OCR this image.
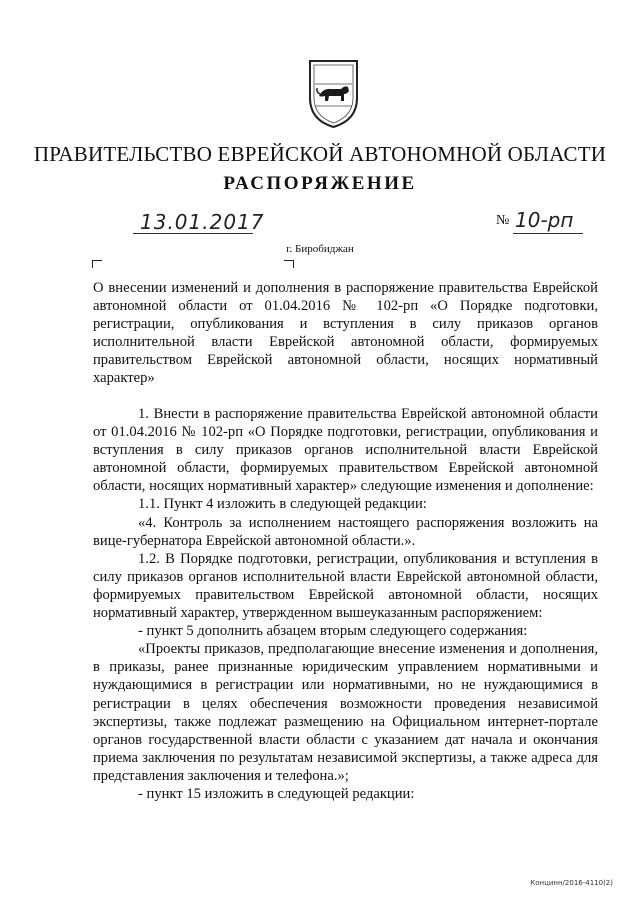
ПРАВИТЕЛЬСТВО ЕВРЕЙСКОЙ АВТОНОМНОЙ ОБЛАСТИ
РАСПОРЯЖЕНИЕ
13.01.2017	№ 10-рп
г. Биробиджан
О внесении изменений и дополнения в распоряжение правительства Еврейской автономной области от 01.04.2016 № 102-рп «О Порядке подготовки, регистрации, опубликования и вступления в силу приказов органов исполнительной власти Еврейской автономной области, формируемых правительством Еврейской автономной области, носящих нормативный характер»

1. Внести в распоряжение правительства Еврейской автономной области от 01.04.2016 № 102-рп «О Порядке подготовки, регистрации, опубликования и вступления в силу приказов органов исполнительной власти Еврейской автономной области, формируемых правительством Еврейской автономной области, носящих нормативный характер» следующие изменения и дополнение:

1.1. Пункт 4 изложить в следующей редакции:

«4. Контроль за исполнением настоящего распоряжения возложить на вице-губернатора Еврейской автономной области.».

1.2. В Порядке подготовки, регистрации, опубликования и вступления в силу приказов органов исполнительной власти Еврейской автономной области, формируемых правительством Еврейской автономной области, носящих нормативный характер, утвержденном вышеуказанным распоряжением:

- пункт 5 дополнить абзацем вторым следующего содержания:

«Проекты приказов, предполагающие внесение изменения и дополнения, в приказы, ранее признанные юридическим управлением нормативными и нуждающимися в регистрации или нормативными, но не нуждающимися в регистрации в целях обеспечения возможности проведения независимой экспертизы, также подлежат размещению на Официальном интернет-портале органов государственной власти области с указанием дат начала и окончания приема заключения по результатам независимой экспертизы, а также адреса для представления заключения и телефона.»;

- пункт 15 изложить в следующей редакции:

Концинн/2016-4110(2)
